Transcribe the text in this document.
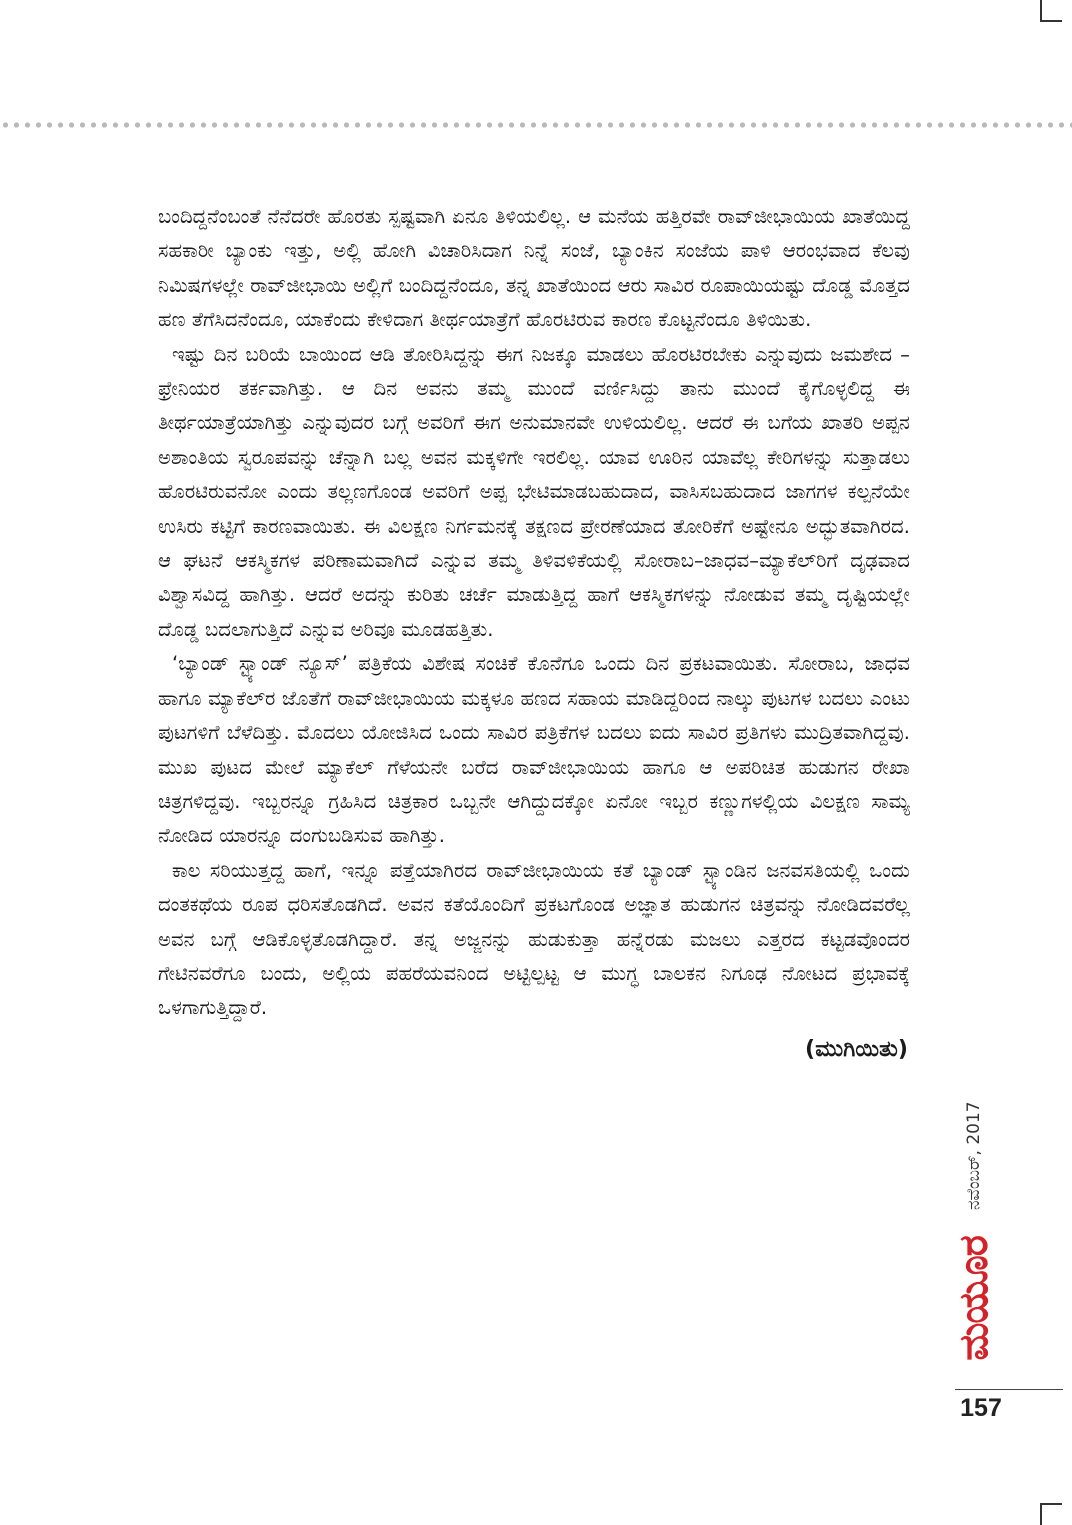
ಬಂದಿದ್ದನೆಂಬಂತೆ ನೆನೆದರೇ ಹೊರತು ಸ್ಪಷ್ಟವಾಗಿ ಏನೂ ತಿಳಿಯಲಿಲ್ಲ. ಆ ಮನೆಯ ಹತ್ತಿರವೇ ರಾವ್‌ಜೀಭಾಯಿಯ ಖಾತೆಯಿದ್ದ ಸಹಕಾರೀ ಬ್ಯಾಂಕು ಇತ್ತು, ಅಲ್ಲಿ ಹೋಗಿ ವಿಚಾರಿಸಿದಾಗ ನಿನ್ನೆ ಸಂಜೆ, ಬ್ಯಾಂಕಿನ ಸಂಜೆಯ ಪಾಳಿ ಆರಂಭವಾದ ಕೆಲವು ನಿಮಿಷಗಳಲ್ಲೇ ರಾವ್‌ಜೀಭಾಯಿ ಅಲ್ಲಿಗೆ ಬಂದಿದ್ದನೆಂದೂ, ತನ್ನ ಖಾತೆಯಿಂದ ಆರು ಸಾವಿರ ರೂಪಾಯಿಯಷ್ಟು ದೊಡ್ಡ ಮೊತ್ತದ ಹಣ ತೆಗೆಸಿದನೆಂದೂ, ಯಾಕೆಂದು ಕೇಳಿದಾಗ ತೀರ್ಥಯಾತ್ರೆಗೆ ಹೊರಟಿರುವ ಕಾರಣ ಕೊಟ್ಟನೆಂದೂ ತಿಳಿಯಿತು.

ಇಷ್ಟು ದಿನ ಬರಿಯೆ ಬಾಯಿಂದ ಆಡಿ ತೋರಿಸಿದ್ದನ್ನು ಈಗ ನಿಜಕ್ಕೂ ಮಾಡಲು ಹೊರಟಿರಬೇಕು ಎನ್ನುವುದು ಜಮಶೇದ –ಫ್ರೇನಿಯರ ತರ್ಕವಾಗಿತ್ತು. ಆ ದಿನ ಅವನು ತಮ್ಮ ಮುಂದೆ ವರ್ಣಿಸಿದ್ದು ತಾನು ಮುಂದೆ ಕೈಗೊಳ್ಳಲಿದ್ದ ಈ ತೀರ್ಥಯಾತ್ರೆಯಾಗಿತ್ತು ಎನ್ನುವುದರ ಬಗ್ಗೆ ಅವರಿಗೆ ಈಗ ಅನುಮಾನವೇ ಉಳಿಯಲಿಲ್ಲ. ಆದರೆ ಈ ಬಗೆಯ ಖಾತರಿ ಅಪ್ಪನ ಅಶಾಂತಿಯ ಸ್ವರೂಪವನ್ನು ಚೆನ್ನಾಗಿ ಬಲ್ಲ ಅವನ ಮಕ್ಕಳಿಗೇ ಇರಲಿಲ್ಲ. ಯಾವ ಊರಿನ ಯಾವೆಲ್ಲ ಕೇರಿಗಳನ್ನು ಸುತ್ತಾಡಲು ಹೊರಟಿರುವನೋ ಎಂದು ತಲ್ಲಣಗೊಂಡ ಅವರಿಗೆ ಅಪ್ಪ ಭೇಟಿಮಾಡಬಹುದಾದ, ವಾಸಿಸಬಹುದಾದ ಜಾಗಗಳ ಕಲ್ಪನೆಯೇ ಉಸಿರು ಕಟ್ಟಿಗೆ ಕಾರಣವಾಯಿತು. ಈ ವಿಲಕ್ಷಣ ನಿರ್ಗಮನಕ್ಕೆ ತಕ್ಷಣದ ಪ್ರೇರಣೆಯಾದ ತೋರಿಕೆಗೆ ಅಷ್ಟೇನೂ ಅದ್ಭುತವಾಗಿರದ. ಆ ಘಟನೆ ಆಕಸ್ಮಿಕಗಳ ಪರಿಣಾಮವಾಗಿದೆ ಎನ್ನುವ ತಮ್ಮ ತಿಳಿವಳಿಕೆಯಲ್ಲಿ ಸೋರಾಬ–ಜಾಧವ–ಮ್ಯಾಕೆಲ್‌ರಿಗೆ ದೃಢವಾದ ವಿಶ್ವಾಸವಿದ್ದ ಹಾಗಿತ್ತು. ಆದರೆ ಅದನ್ನು ಕುರಿತು ಚರ್ಚೆ ಮಾಡುತ್ತಿದ್ದ ಹಾಗೆ ಆಕಸ್ಮಿಕಗಳನ್ನು ನೋಡುವ ತಮ್ಮ ದೃಷ್ಟಿಯಲ್ಲೇ ದೊಡ್ಡ ಬದಲಾಗುತ್ತಿದೆ ಎನ್ನುವ ಅರಿವೂ ಮೂಡಹತ್ತಿತು.

‘ಬ್ಯಾಂಡ್ ಸ್ಟ್ಯಾಂಡ್ ನ್ಯೂಸ್’ ಪತ್ರಿಕೆಯ ವಿಶೇಷ ಸಂಚಿಕೆ ಕೊನೆಗೂ ಒಂದು ದಿನ ಪ್ರಕಟವಾಯಿತು. ಸೋರಾಬ, ಜಾಧವ ಹಾಗೂ ಮ್ಯಾಕೆಲ್‌ರ ಜೊತೆಗೆ ರಾವ್‌ಜೀಭಾಯಿಯ ಮಕ್ಕಳೂ ಹಣದ ಸಹಾಯ ಮಾಡಿದ್ದರಿಂದ ನಾಲ್ಕು ಪುಟಗಳ ಬದಲು ಎಂಟು ಪುಟಗಳಿಗೆ ಬೆಳೆದಿತ್ತು. ಮೊದಲು ಯೋಜಿಸಿದ ಒಂದು ಸಾವಿರ ಪತ್ರಿಕೆಗಳ ಬದಲು ಐದು ಸಾವಿರ ಪ್ರತಿಗಳು ಮುದ್ರಿತವಾಗಿದ್ದವು. ಮುಖ ಪುಟದ ಮೇಲೆ ಮ್ಯಾಕೆಲ್ ಗೆಳೆಯನೇ ಬರೆದ ರಾವ್‌ಜೀಭಾಯಿಯ ಹಾಗೂ ಆ ಅಪರಿಚಿತ ಹುಡುಗನ ರೇಖಾ ಚಿತ್ರಗಳಿದ್ದವು. ಇಬ್ಬರನ್ನೂ ಗ್ರಹಿಸಿದ ಚಿತ್ರಕಾರ ಒಬ್ಬನೇ ಆಗಿದ್ದುದಕ್ಕೋ ಏನೋ ಇಬ್ಬರ ಕಣ್ಣುಗಳಲ್ಲಿಯ ವಿಲಕ್ಷಣ ಸಾಮ್ಯ ನೋಡಿದ ಯಾರನ್ನೂ ದಂಗುಬಡಿಸುವ ಹಾಗಿತ್ತು.

ಕಾಲ ಸರಿಯುತ್ತದ್ದ ಹಾಗೆ, ಇನ್ನೂ ಪತ್ತೆಯಾಗಿರದ ರಾವ್‌ಜೀಭಾಯಿಯ ಕತೆ ಬ್ಯಾಂಡ್ ಸ್ಟ್ಯಾಂಡಿನ ಜನವಸತಿಯಲ್ಲಿ ಒಂದು ದಂತಕಥೆಯ ರೂಪ ಧರಿಸತೊಡಗಿದೆ. ಅವನ ಕತೆಯೊಂದಿಗೆ ಪ್ರಕಟಗೊಂಡ ಅಜ್ಞಾತ ಹುಡುಗನ ಚಿತ್ರವನ್ನು ನೋಡಿದವರೆಲ್ಲ ಅವನ ಬಗ್ಗೆ ಆಡಿಕೊಳ್ಳತೊಡಗಿದ್ದಾರೆ. ತನ್ನ ಅಜ್ಜನನ್ನು ಹುಡುಕುತ್ತಾ ಹನ್ನೆರಡು ಮಜಲು ಎತ್ತರದ ಕಟ್ಟಡವೊಂದರ ಗೇಟಿನವರೆಗೂ ಬಂದು, ಅಲ್ಲಿಯ ಪಹರೆಯವನಿಂದ ಅಟ್ಟಿಲ್ಪಟ್ಟ ಆ ಮುಗ್ಧ ಬಾಲಕನ ನಿಗೂಢ ನೋಟದ ಪ್ರಭಾವಕ್ಕೆ ಒಳಗಾಗುತ್ತಿದ್ದಾರೆ.

(ಮುಗಿಯಿತು)
ಮಯೂರ
ನವೆಂಬರ್, 2017
157
